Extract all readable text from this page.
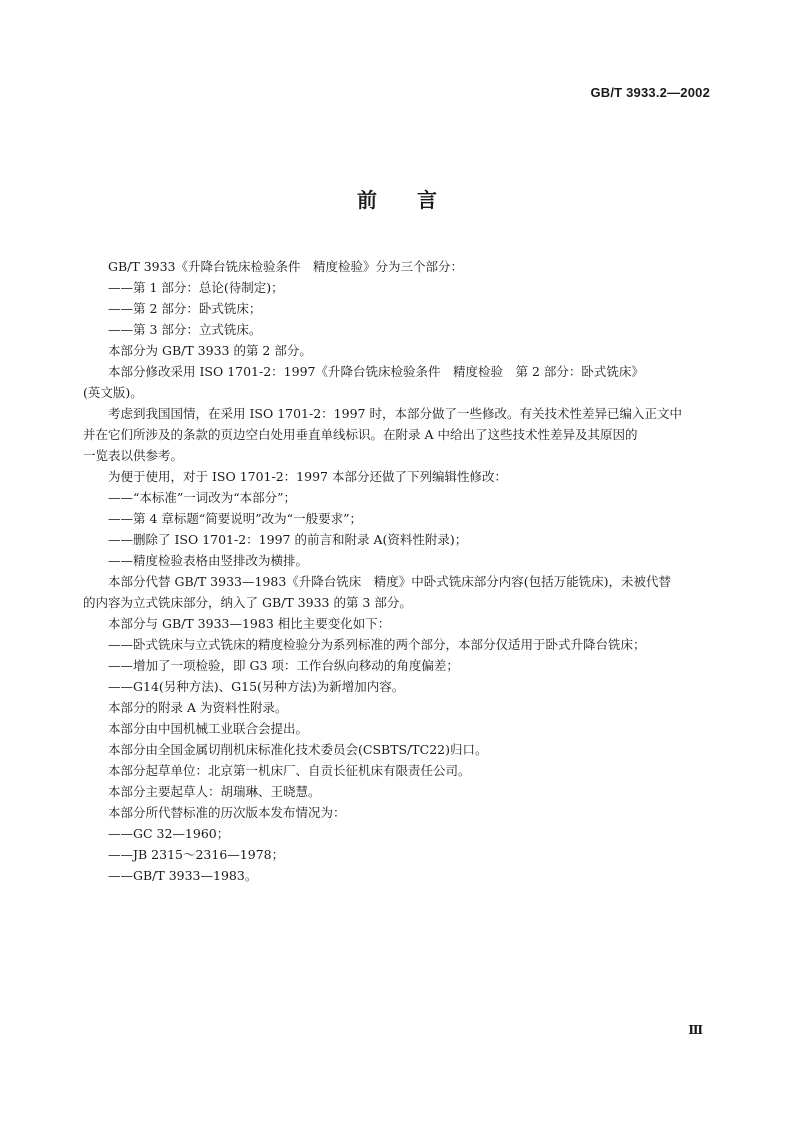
GB/T 3933.2—2002
前言

GB/T 3933《升降台铣床检验条件　精度检验》分为三个部分：

——第 1 部分：总论(待制定)；

——第 2 部分：卧式铣床；

——第 3 部分：立式铣床。

本部分为 GB/T 3933 的第 2 部分。

本部分修改采用 ISO 1701-2：1997《升降台铣床检验条件　精度检验　第 2 部分：卧式铣床》

(英文版)。

考虑到我国国情，在采用 ISO 1701-2：1997 时，本部分做了一些修改。有关技术性差异已编入正文中

并在它们所涉及的条款的页边空白处用垂直单线标识。在附录 A 中给出了这些技术性差异及其原因的

一览表以供参考。

为便于使用，对于 ISO 1701-2：1997 本部分还做了下列编辑性修改：

——“本标准”一词改为“本部分”；

——第 4 章标题“简要说明”改为“一般要求”；

——删除了 ISO 1701-2：1997 的前言和附录 A(资料性附录)；

——精度检验表格由竖排改为横排。

本部分代替 GB/T 3933—1983《升降台铣床　精度》中卧式铣床部分内容(包括万能铣床)，未被代替

的内容为立式铣床部分，纳入了 GB/T 3933 的第 3 部分。

本部分与 GB/T 3933—1983 相比主要变化如下：

——卧式铣床与立式铣床的精度检验分为系列标准的两个部分，本部分仅适用于卧式升降台铣床；

——增加了一项检验，即 G3 项：工作台纵向移动的角度偏差；

——G14(另种方法)、G15(另种方法)为新增加内容。

本部分的附录 A 为资料性附录。

本部分由中国机械工业联合会提出。

本部分由全国金属切削机床标准化技术委员会(CSBTS/TC22)归口。

本部分起草单位：北京第一机床厂、自贡长征机床有限责任公司。

本部分主要起草人：胡瑞琳、王晓慧。

本部分所代替标准的历次版本发布情况为：

——GC 32—1960；

——JB 2315～2316—1978；

——GB/T 3933—1983。

Ⅲ
